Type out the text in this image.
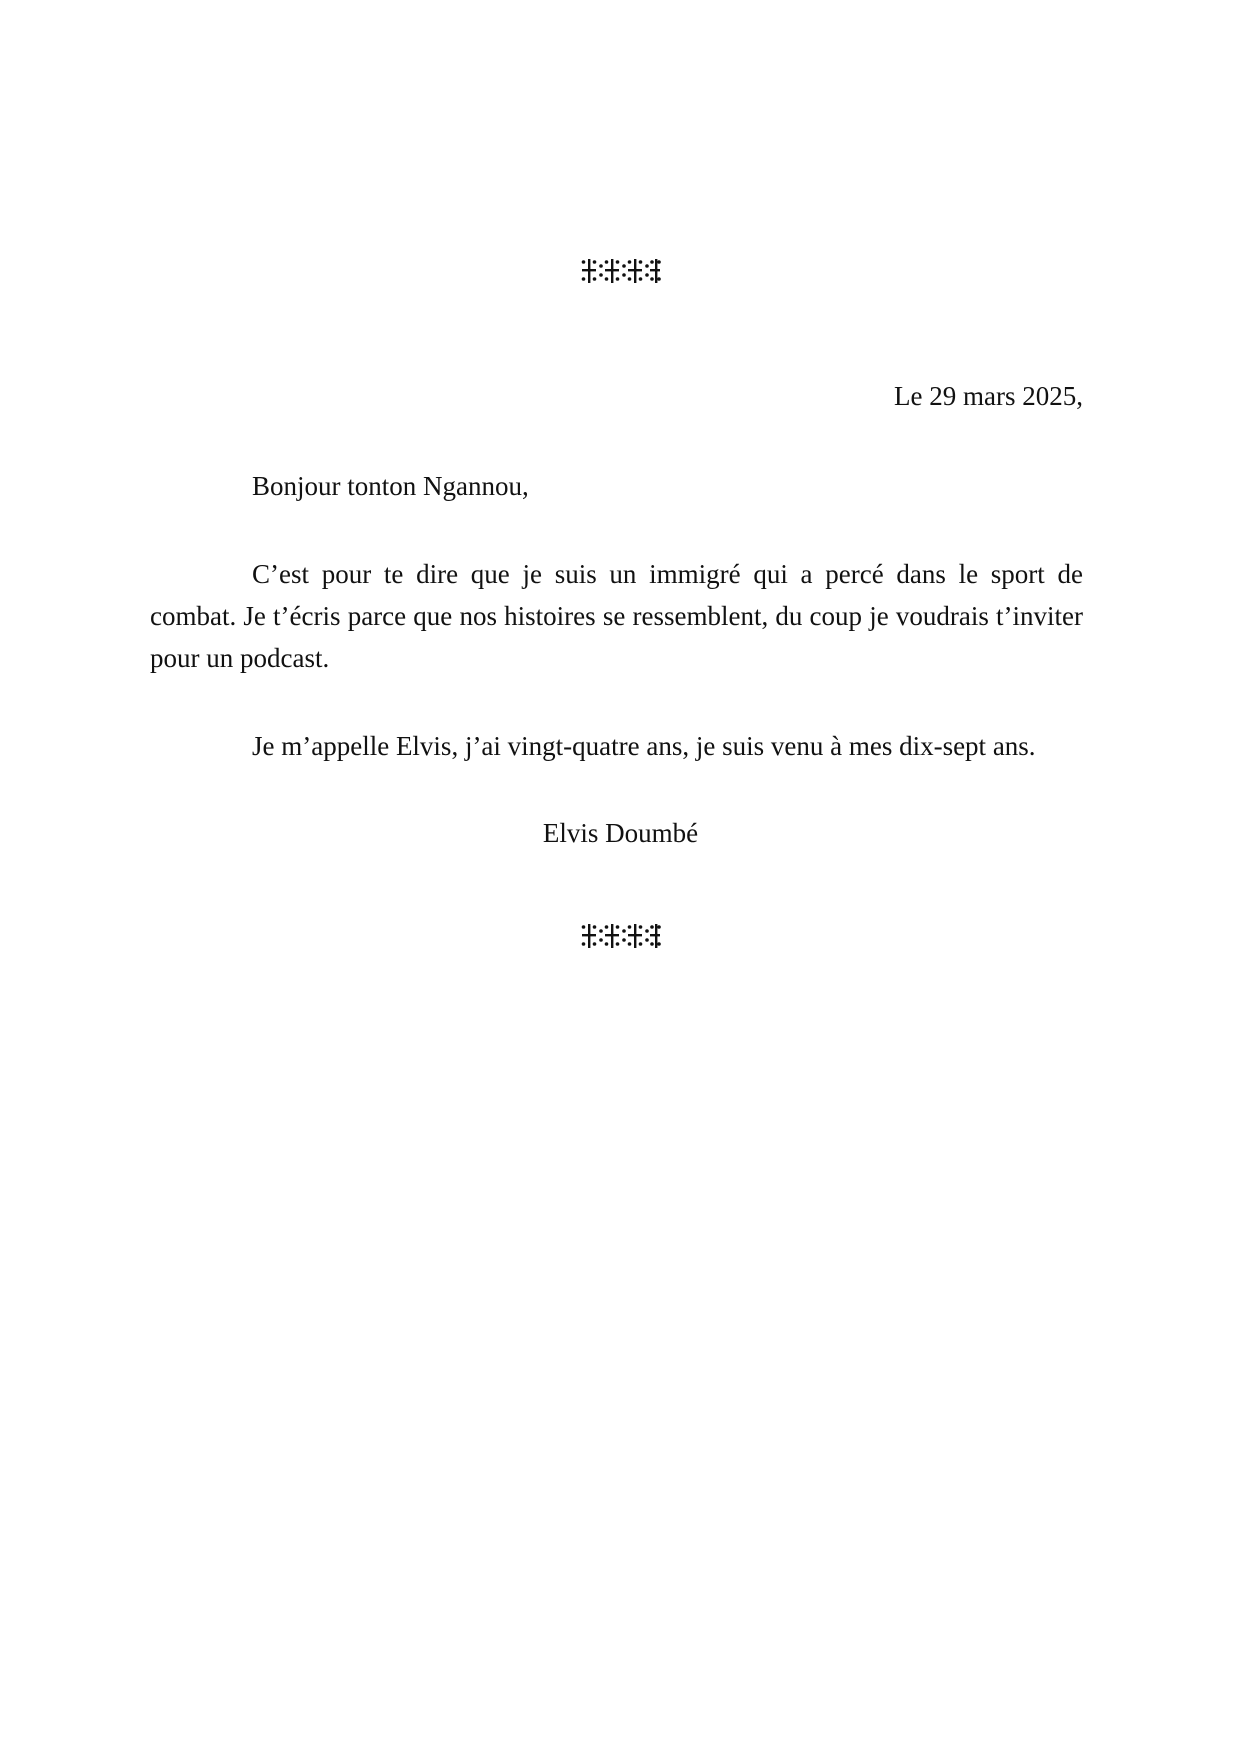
Le 29 mars 2025,
Bonjour tonton Ngannou,

C’est pour te dire que je suis un immigré qui a percé dans le sport de combat. Je t’écris parce que nos histoires se ressemblent, du coup je voudrais t’inviter pour un podcast.

Je m’appelle Elvis, j’ai vingt-quatre ans, je suis venu à mes dix-sept ans.

Elvis Doumbé
